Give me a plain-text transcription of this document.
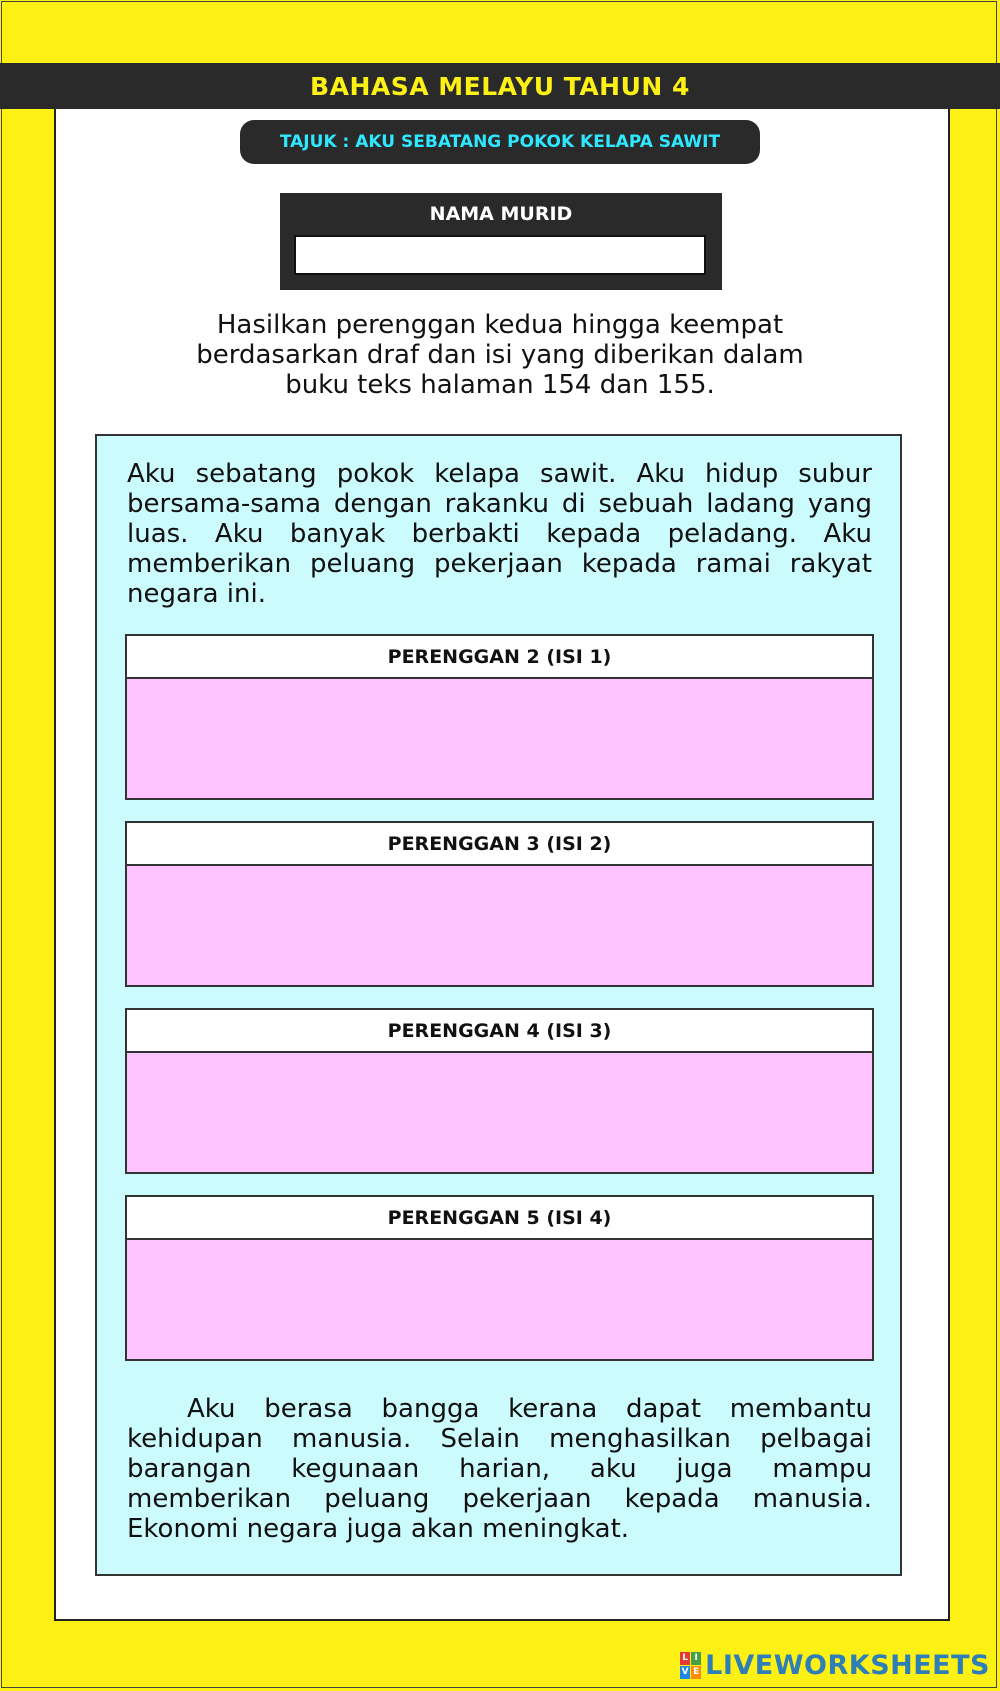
BAHASA MELAYU TAHUN 4
TAJUK : AKU SEBATANG POKOK KELAPA SAWIT
NAMA MURID
Hasilkan perenggan kedua hingga keempat berdasarkan draf dan isi yang diberikan dalam buku teks halaman 154 dan 155.
Aku sebatang pokok kelapa sawit. Aku hidup subur bersama-sama dengan rakanku di sebuah ladang yang luas. Aku banyak berbakti kepada peladang. Aku memberikan peluang pekerjaan kepada ramai rakyat negara ini.
PERENGGAN 2 (ISI 1)
PERENGGAN 3 (ISI 2)
PERENGGAN 4 (ISI 3)
PERENGGAN 5 (ISI 4)
Aku berasa bangga kerana dapat membantu kehidupan manusia. Selain menghasilkan pelbagai barangan kegunaan harian, aku juga mampu memberikan peluang pekerjaan kepada manusia. Ekonomi negara juga akan meningkat.
L I
V E LIVEWORKSHEETS
